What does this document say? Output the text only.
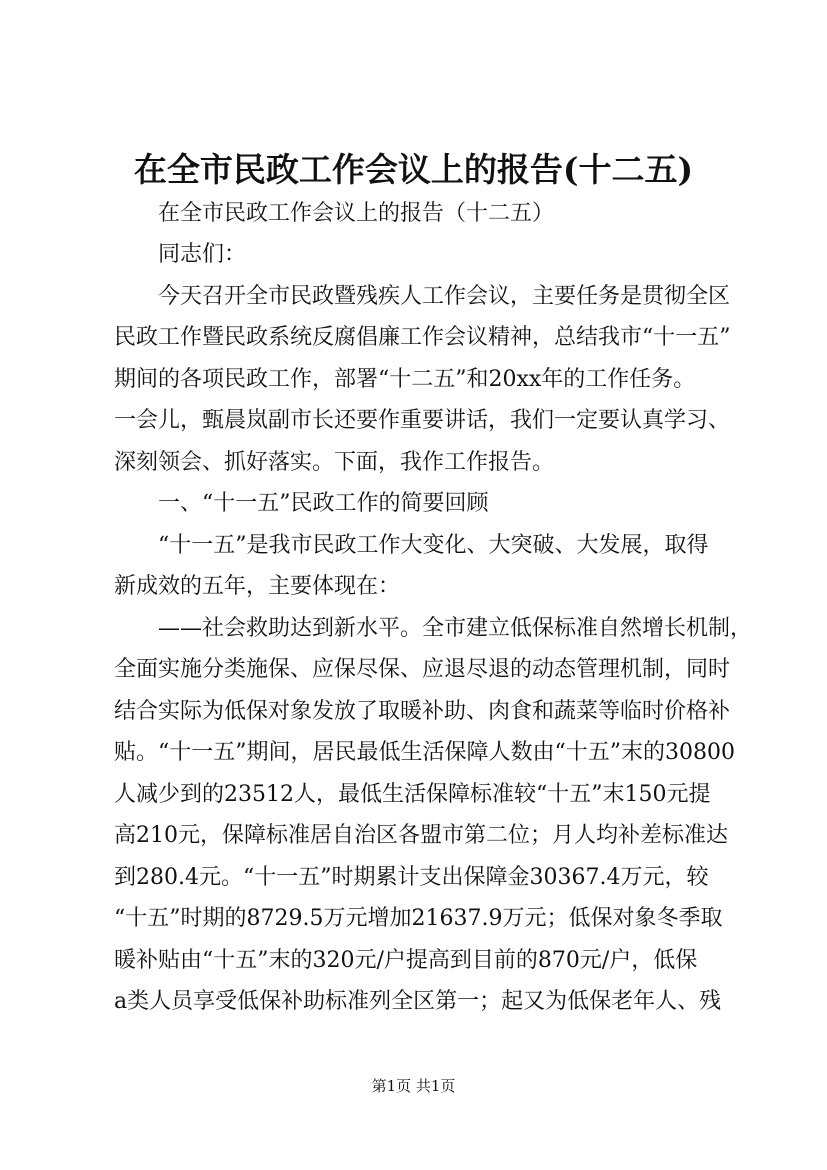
在全市民政工作会议上的报告(十二五)
在全市民政工作会议上的报告（十二五）
同志们：
今天召开全市民政暨残疾人工作会议，主要任务是贯彻全区
民政工作暨民政系统反腐倡廉工作会议精神，总结我市“十一五”
期间的各项民政工作，部署“十二五”和20xx年的工作任务。
一会儿，甄晨岚副市长还要作重要讲话，我们一定要认真学习、
深刻领会、抓好落实。下面，我作工作报告。
一、“十一五”民政工作的简要回顾
“十一五”是我市民政工作大变化、大突破、大发展，取得
新成效的五年，主要体现在：
——社会救助达到新水平。全市建立低保标准自然增长机制，
全面实施分类施保、应保尽保、应退尽退的动态管理机制，同时
结合实际为低保对象发放了取暖补助、肉食和蔬菜等临时价格补
贴。“十一五”期间，居民最低生活保障人数由“十五”末的30800
人减少到的23512人，最低生活保障标准较“十五”末150元提
高210元，保障标准居自治区各盟市第二位；月人均补差标准达
到280.4元。“十一五”时期累计支出保障金30367.4万元，较
“十五”时期的8729.5万元增加21637.9万元；低保对象冬季取
暖补贴由“十五”末的320元/户提高到目前的870元/户，低保
a类人员享受低保补助标准列全区第一；起又为低保老年人、残
第1页 共1页
